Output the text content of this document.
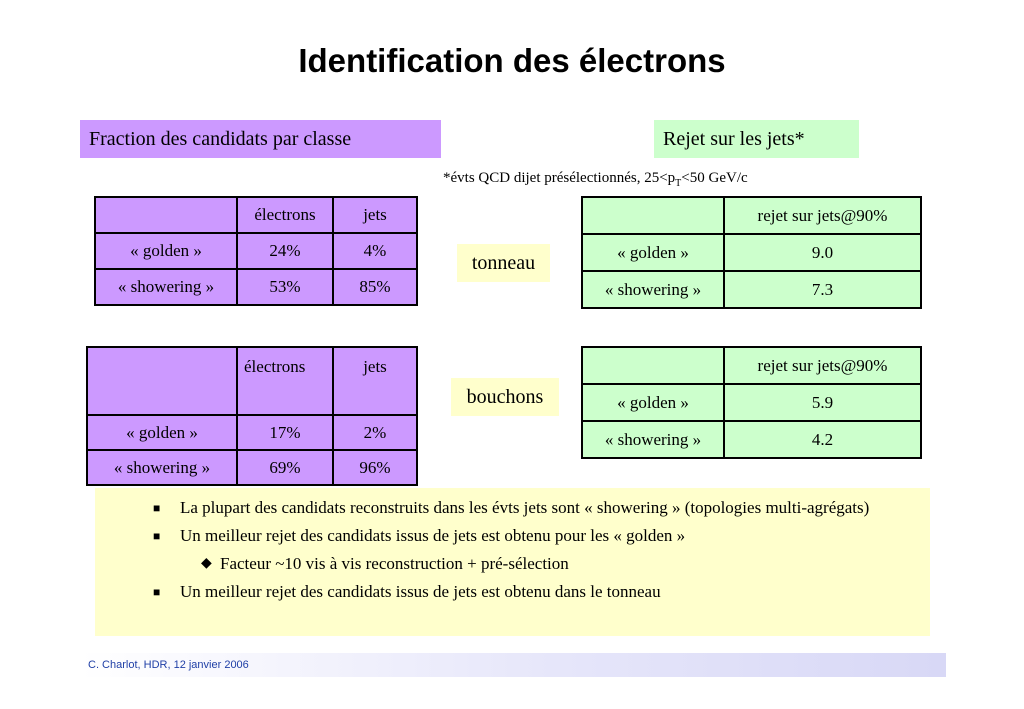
Identification des électrons
Fraction des candidats par classe	Rejet sur les jets*
*évts QCD dijet présélectionnés, $25<p_T<50$ GeV/c
tonneau
bouchons
	électrons	jets
« golden »	24%	4%
« showering »	53%	85%
	électrons	jets
« golden »	17%	2%
« showering »	69%	96%
	rejet sur jets@90%
« golden »	9.0
« showering »	7.3
	rejet sur jets@90%
« golden »	5.9
« showering »	4.2
■ La plupart des candidats reconstruits dans les évts jets sont « showering » (topologies multi-agrégats)
■ Un meilleur rejet des candidats issus de jets est obtenu pour les « golden »
◆ Facteur ~10 vis à vis reconstruction + pré-sélection
■ Un meilleur rejet des candidats issus de jets est obtenu dans le tonneau
C. Charlot, HDR, 12 janvier 2006
